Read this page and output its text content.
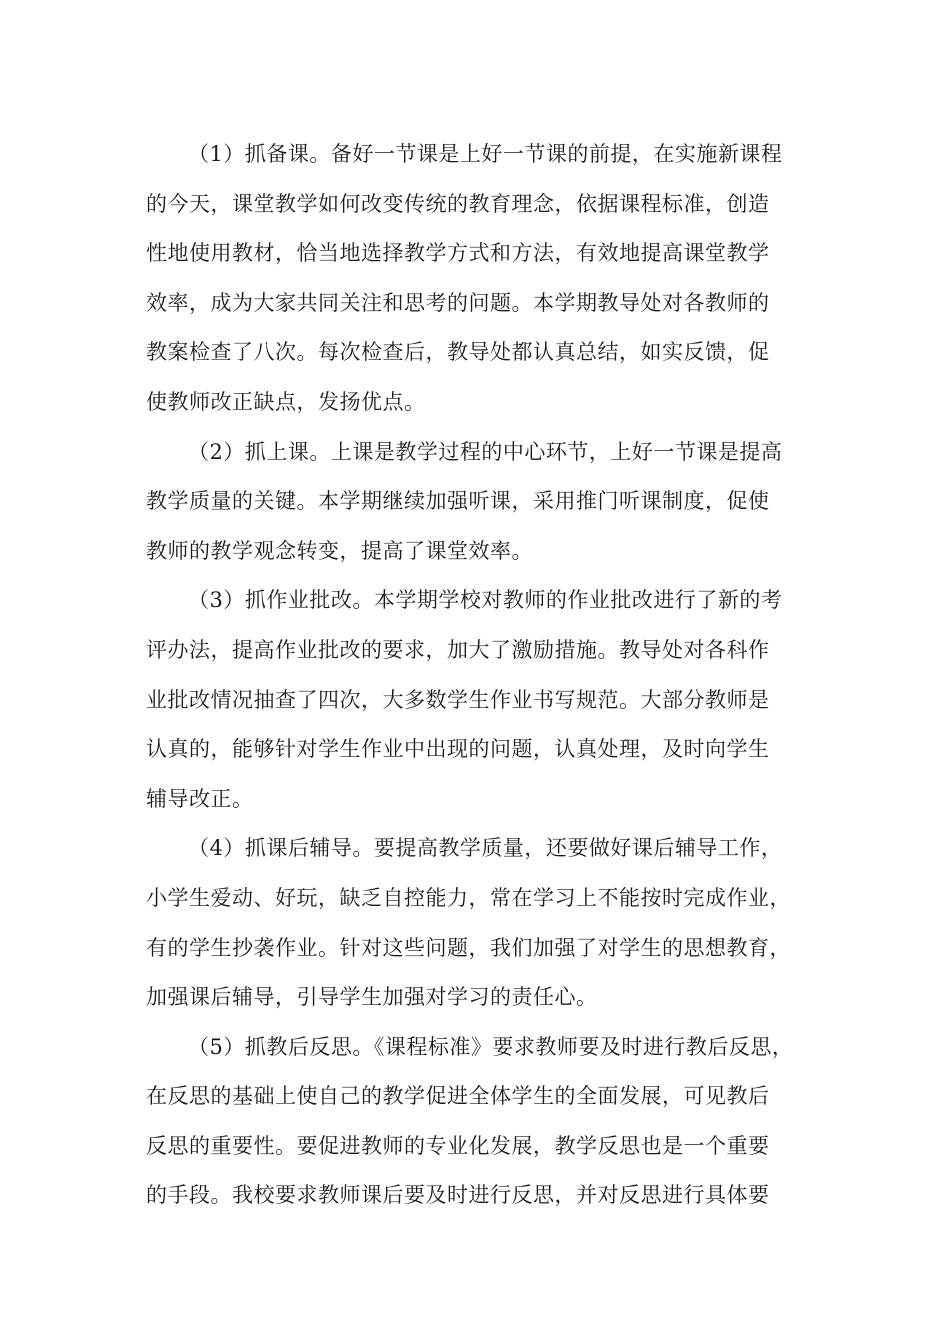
（1）抓备课。备好一节课是上好一节课的前提，在实施新课程
的今天，课堂教学如何改变传统的教育理念，依据课程标准，创造
性地使用教材，恰当地选择教学方式和方法，有效地提高课堂教学
效率，成为大家共同关注和思考的问题。本学期教导处对各教师的
教案检查了八次。每次检查后，教导处都认真总结，如实反馈，促
使教师改正缺点，发扬优点。

（2）抓上课。上课是教学过程的中心环节，上好一节课是提高
教学质量的关键。本学期继续加强听课，采用推门听课制度，促使
教师的教学观念转变，提高了课堂效率。

（3）抓作业批改。本学期学校对教师的作业批改进行了新的考
评办法，提高作业批改的要求，加大了激励措施。教导处对各科作
业批改情况抽查了四次，大多数学生作业书写规范。大部分教师是
认真的，能够针对学生作业中出现的问题，认真处理，及时向学生
辅导改正。

（4）抓课后辅导。要提高教学质量，还要做好课后辅导工作，
小学生爱动、好玩，缺乏自控能力，常在学习上不能按时完成作业，
有的学生抄袭作业。针对这些问题，我们加强了对学生的思想教育，
加强课后辅导，引导学生加强对学习的责任心。

（5）抓教后反思。《课程标准》要求教师要及时进行教后反思，
在反思的基础上使自己的教学促进全体学生的全面发展，可见教后
反思的重要性。要促进教师的专业化发展，教学反思也是一个重要
的手段。我校要求教师课后要及时进行反思，并对反思进行具体要
